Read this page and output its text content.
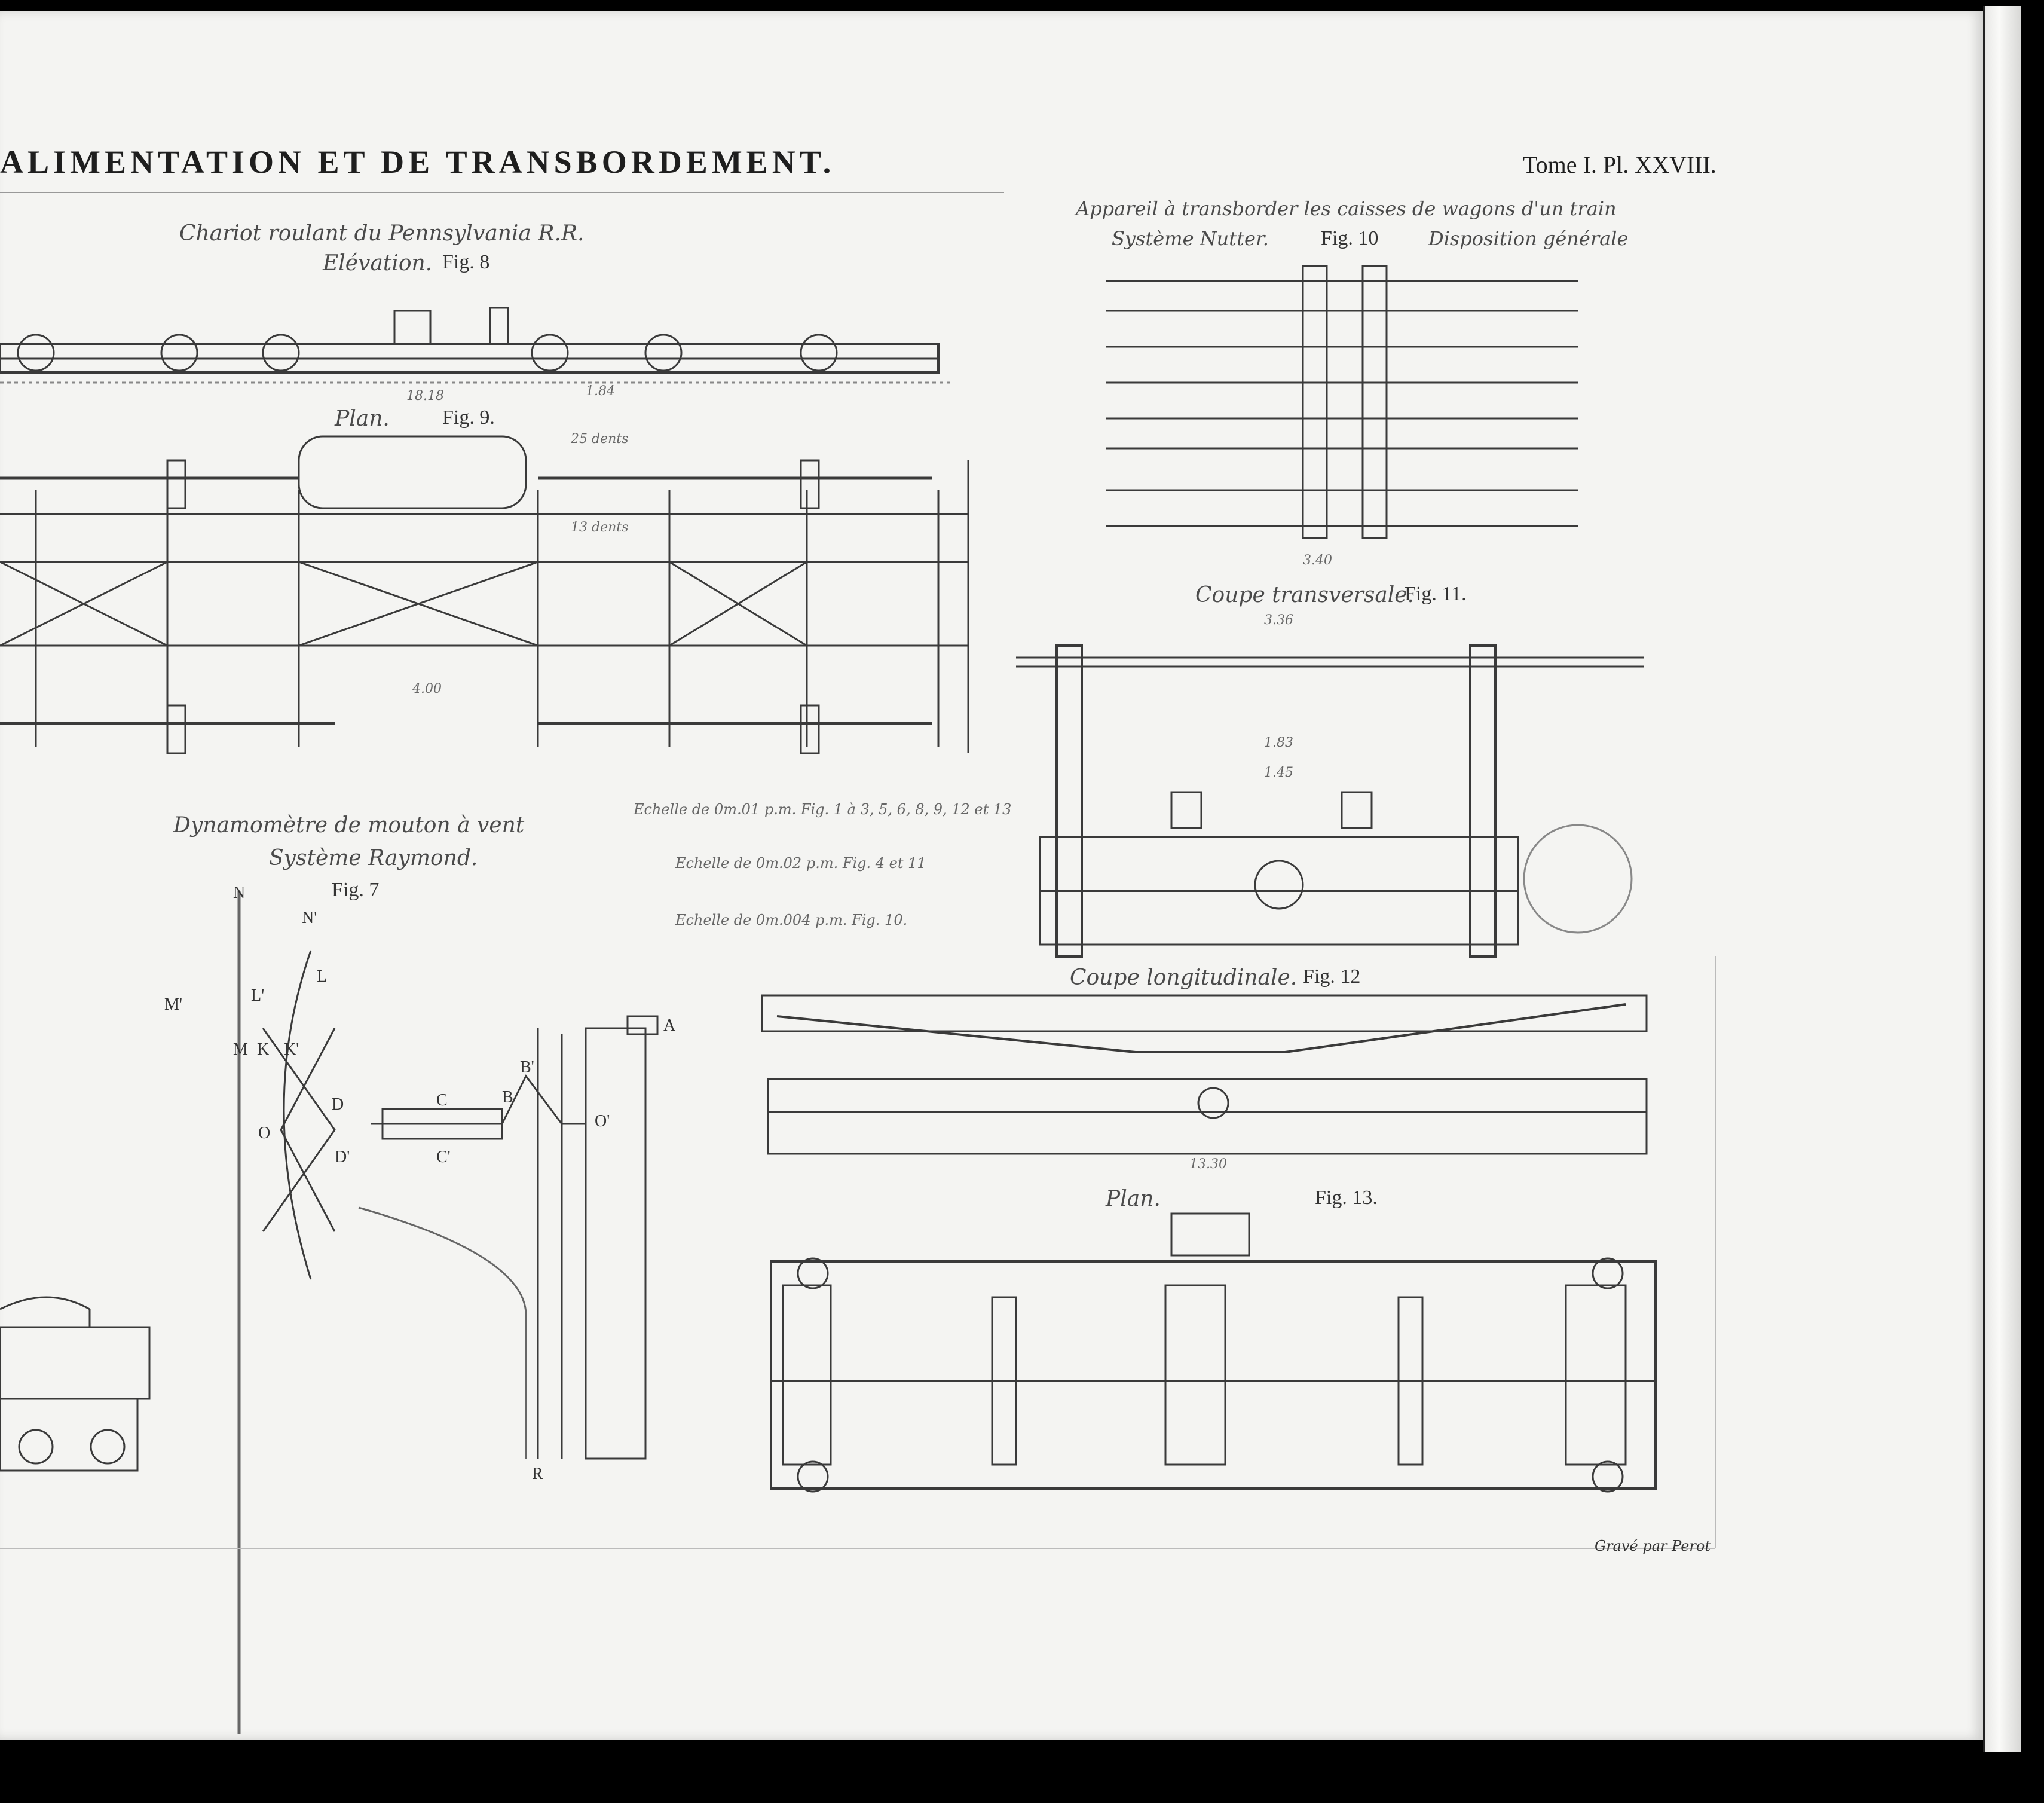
ALIMENTATION ET DE TRANSBORDEMENT.	Tome I. Pl. XXVIII.
Chariot roulant du Pennsylvania R.R.
Elévation. Fig. 8
Plan.	Fig. 9.
Appareil à transborder les caisses de wagons d'un train
Système Nutter.	Fig. 10	Disposition générale
Coupe transversale.
Fig. 11.
Coupe longitudinale. Fig. 12
Plan.	Fig. 13.
Dynamomètre de mouton à vent
Système Raymond.
Fig. 7
Echelle de 0m.01 p.m. Fig. 1 à 3, 5, 6, 8, 9, 12 et 13
Echelle de 0m.02 p.m. Fig. 4 et 11
Echelle de 0m.004 p.m. Fig. 10.
18.18	1.84
25 dents
13 dents
4.00
3.40
3.36
1.83
1.45
13.30
N
N'
L
L'
M'
M K K'
O
D
D'
C
C'
B
B'
R
A
O'
Gravé par Perot
